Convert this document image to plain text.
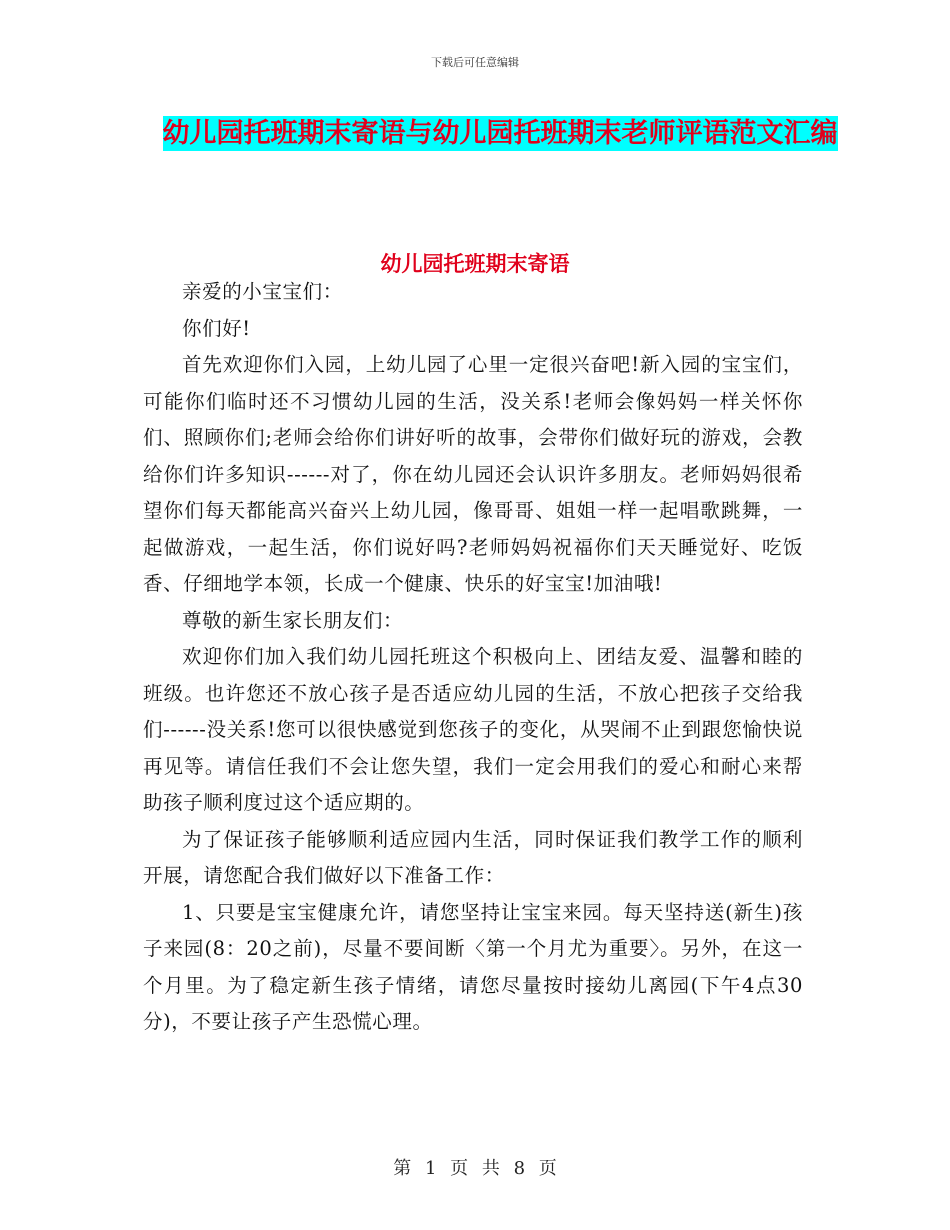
下载后可任意编辑
幼儿园托班期末寄语与幼儿园托班期末老师评语范文汇编
幼儿园托班期末寄语

亲爱的小宝宝们：

你们好!

首先欢迎你们入园，上幼儿园了心里一定很兴奋吧!新入园的宝宝们，可能你们临时还不习惯幼儿园的生活，没关系!老师会像妈妈一样关怀你们、照顾你们;老师会给你们讲好听的故事，会带你们做好玩的游戏，会教给你们许多知识------对了，你在幼儿园还会认识许多朋友。老师妈妈很希望你们每天都能高兴奋兴上幼儿园，像哥哥、姐姐一样一起唱歌跳舞，一起做游戏，一起生活，你们说好吗?老师妈妈祝福你们天天睡觉好、吃饭香、仔细地学本领，长成一个健康、快乐的好宝宝!加油哦!

尊敬的新生家长朋友们：

欢迎你们加入我们幼儿园托班这个积极向上、团结友爱、温馨和睦的班级。也许您还不放心孩子是否适应幼儿园的生活，不放心把孩子交给我们------没关系!您可以很快感觉到您孩子的变化，从哭闹不止到跟您愉快说再见等。请信任我们不会让您失望，我们一定会用我们的爱心和耐心来帮助孩子顺利度过这个适应期的。

为了保证孩子能够顺利适应园内生活，同时保证我们教学工作的顺利开展，请您配合我们做好以下准备工作：

1、只要是宝宝健康允许，请您坚持让宝宝来园。每天坚持送(新生)孩子来园(8：20之前)，尽量不要间断〈第一个月尤为重要〉。另外，在这一个月里。为了稳定新生孩子情绪，请您尽量按时接幼儿离园(下午4点30分)，不要让孩子产生恐慌心理。

第 1 页 共 8 页
